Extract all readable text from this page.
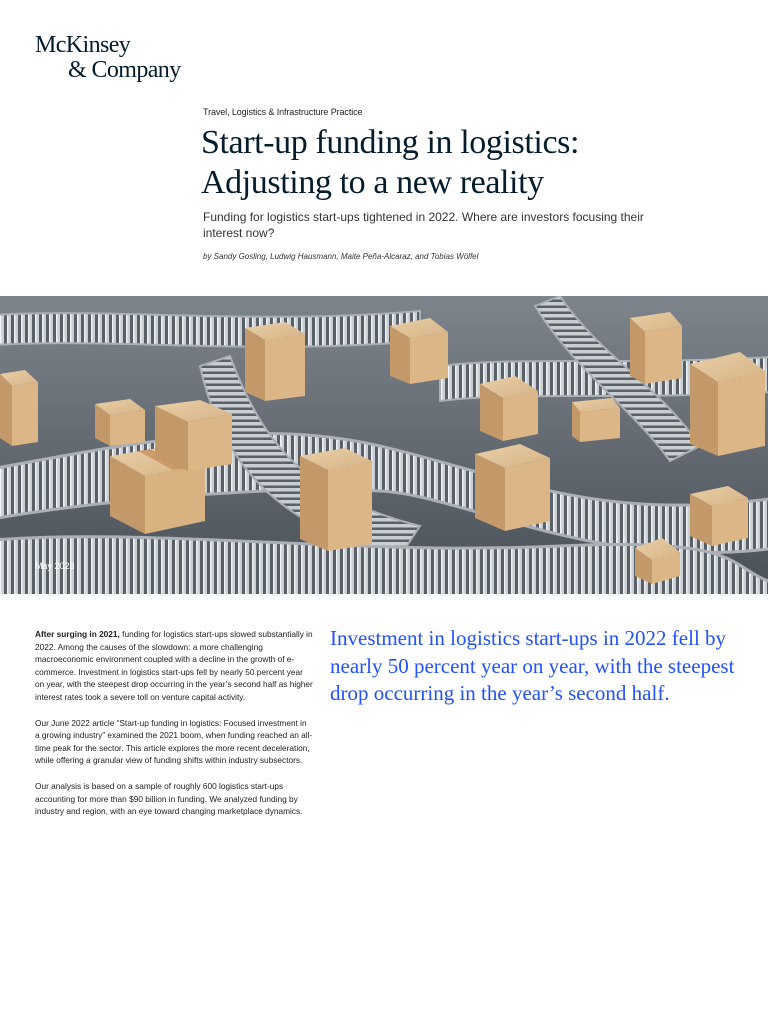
McKinsey
& Company
Travel, Logistics & Infrastructure Practice
Start-up funding in logistics:
Adjusting to a new reality
Funding for logistics start-ups tightened in 2022. Where are investors focusing their interest now?
by Sandy Gosling, Ludwig Hausmann, Maite Peña-Alcaraz, and Tobias Wölfel
May 2023

After surging in 2021, funding for logistics start-ups slowed substantially in 2022. Among the causes of the slowdown: a more challenging macroeconomic environment coupled with a decline in the growth of e-commerce. Investment in logistics start-ups fell by nearly 50 percent year on year, with the steepest drop occurring in the year’s second half as higher interest rates took a severe toll on venture capital activity.

Our June 2022 article “Start-up funding in logistics: Focused investment in a growing industry” examined the 2021 boom, when funding reached an all-time peak for the sector. This article explores the more recent deceleration, while offering a granular view of funding shifts within industry subsectors.

Our analysis is based on a sample of roughly 600 logistics start-ups accounting for more than $90 billion in funding. We analyzed funding by industry and region, with an eye toward changing marketplace dynamics.

Investment in logistics start-ups in 2022 fell by nearly 50 percent year on year, with the steepest drop occurring in the year’s second half.
